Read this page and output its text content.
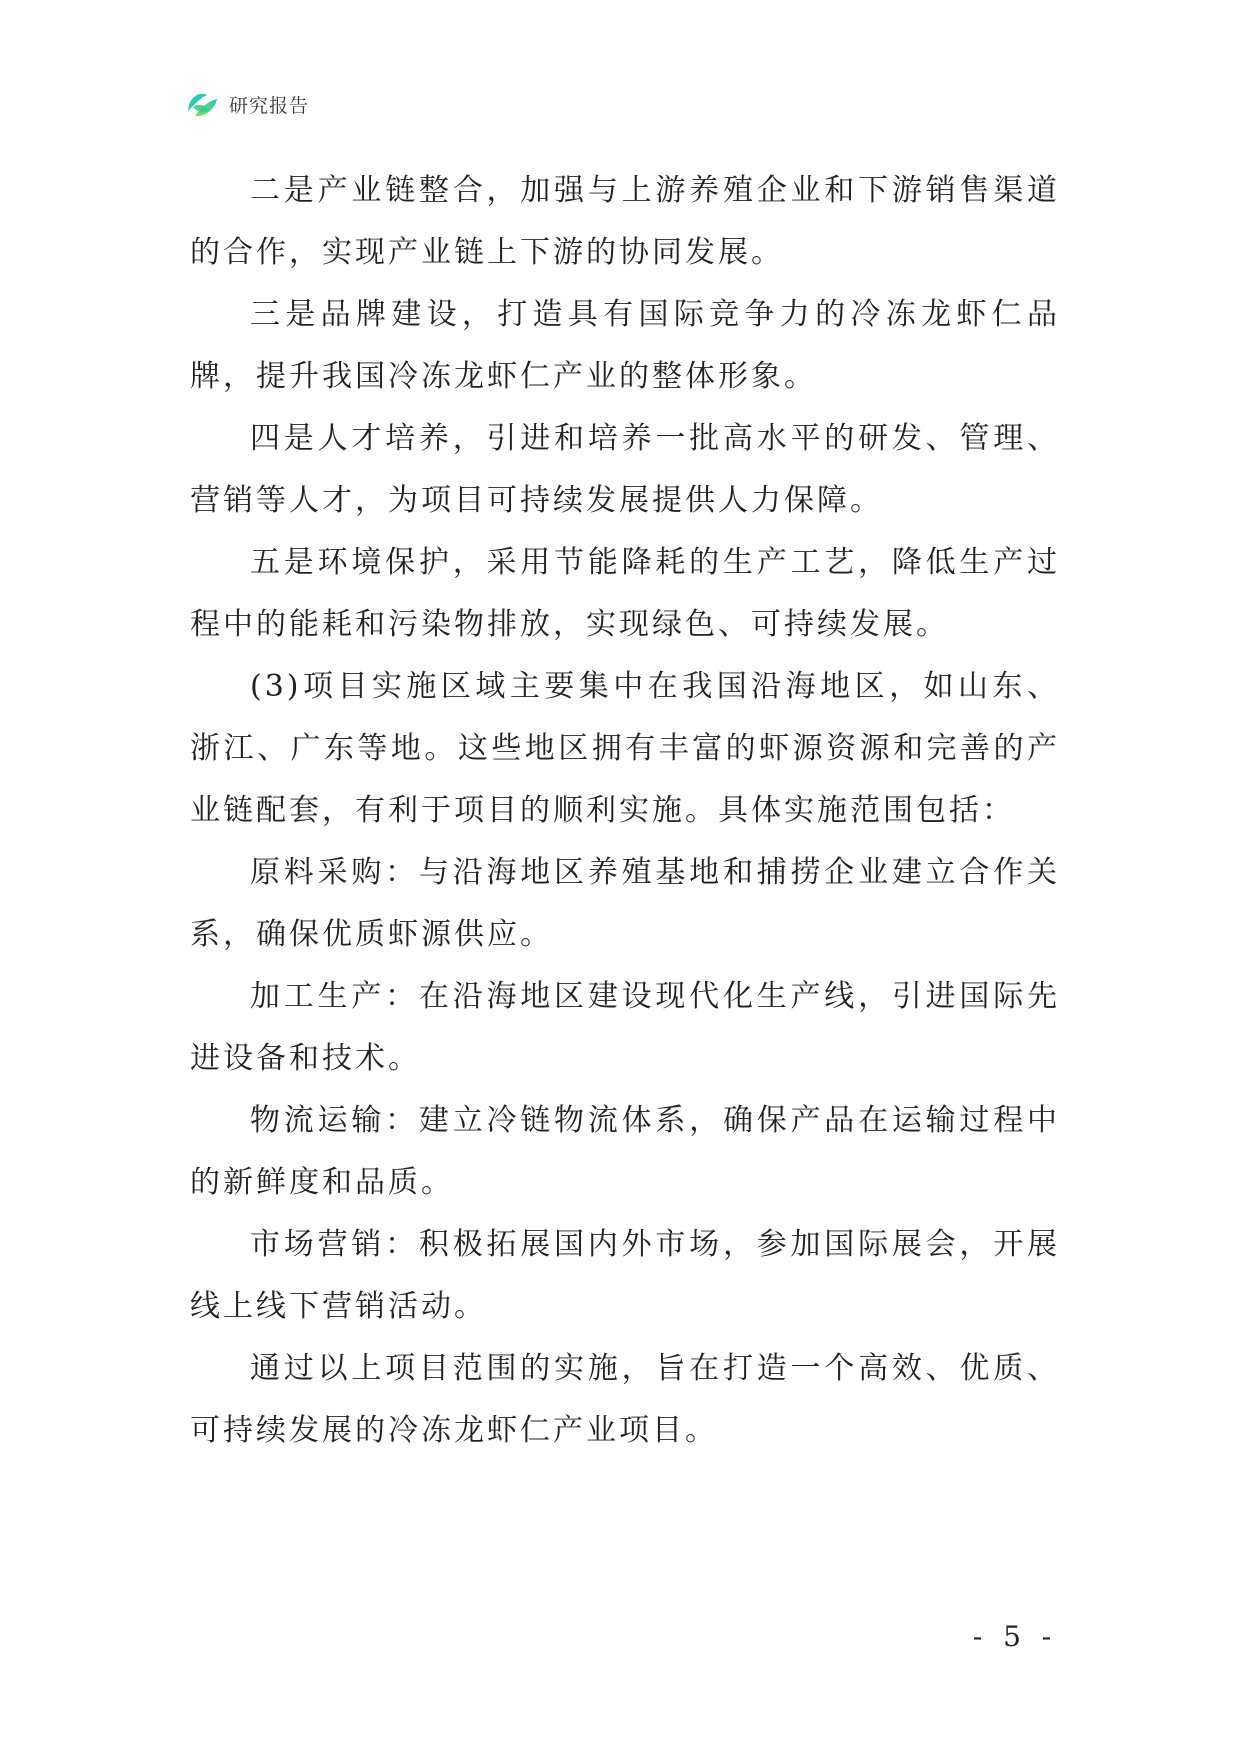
研究报告

二是产业链整合，加强与上游养殖企业和下游销售渠道的合作，实现产业链上下游的协同发展。

三是品牌建设，打造具有国际竞争力的冷冻龙虾仁品牌，提升我国冷冻龙虾仁产业的整体形象。

四是人才培养，引进和培养一批高水平的研发、管理、营销等人才，为项目可持续发展提供人力保障。

五是环境保护，采用节能降耗的生产工艺，降低生产过程中的能耗和污染物排放，实现绿色、可持续发展。

(3)项目实施区域主要集中在我国沿海地区，如山东、浙江、广东等地。这些地区拥有丰富的虾源资源和完善的产业链配套，有利于项目的顺利实施。具体实施范围包括：

原料采购：与沿海地区养殖基地和捕捞企业建立合作关系，确保优质虾源供应。

加工生产：在沿海地区建设现代化生产线，引进国际先进设备和技术。

物流运输：建立冷链物流体系，确保产品在运输过程中的新鲜度和品质。

市场营销：积极拓展国内外市场，参加国际展会，开展线上线下营销活动。

通过以上项目范围的实施，旨在打造一个高效、优质、可持续发展的冷冻龙虾仁产业项目。

- 5 -
